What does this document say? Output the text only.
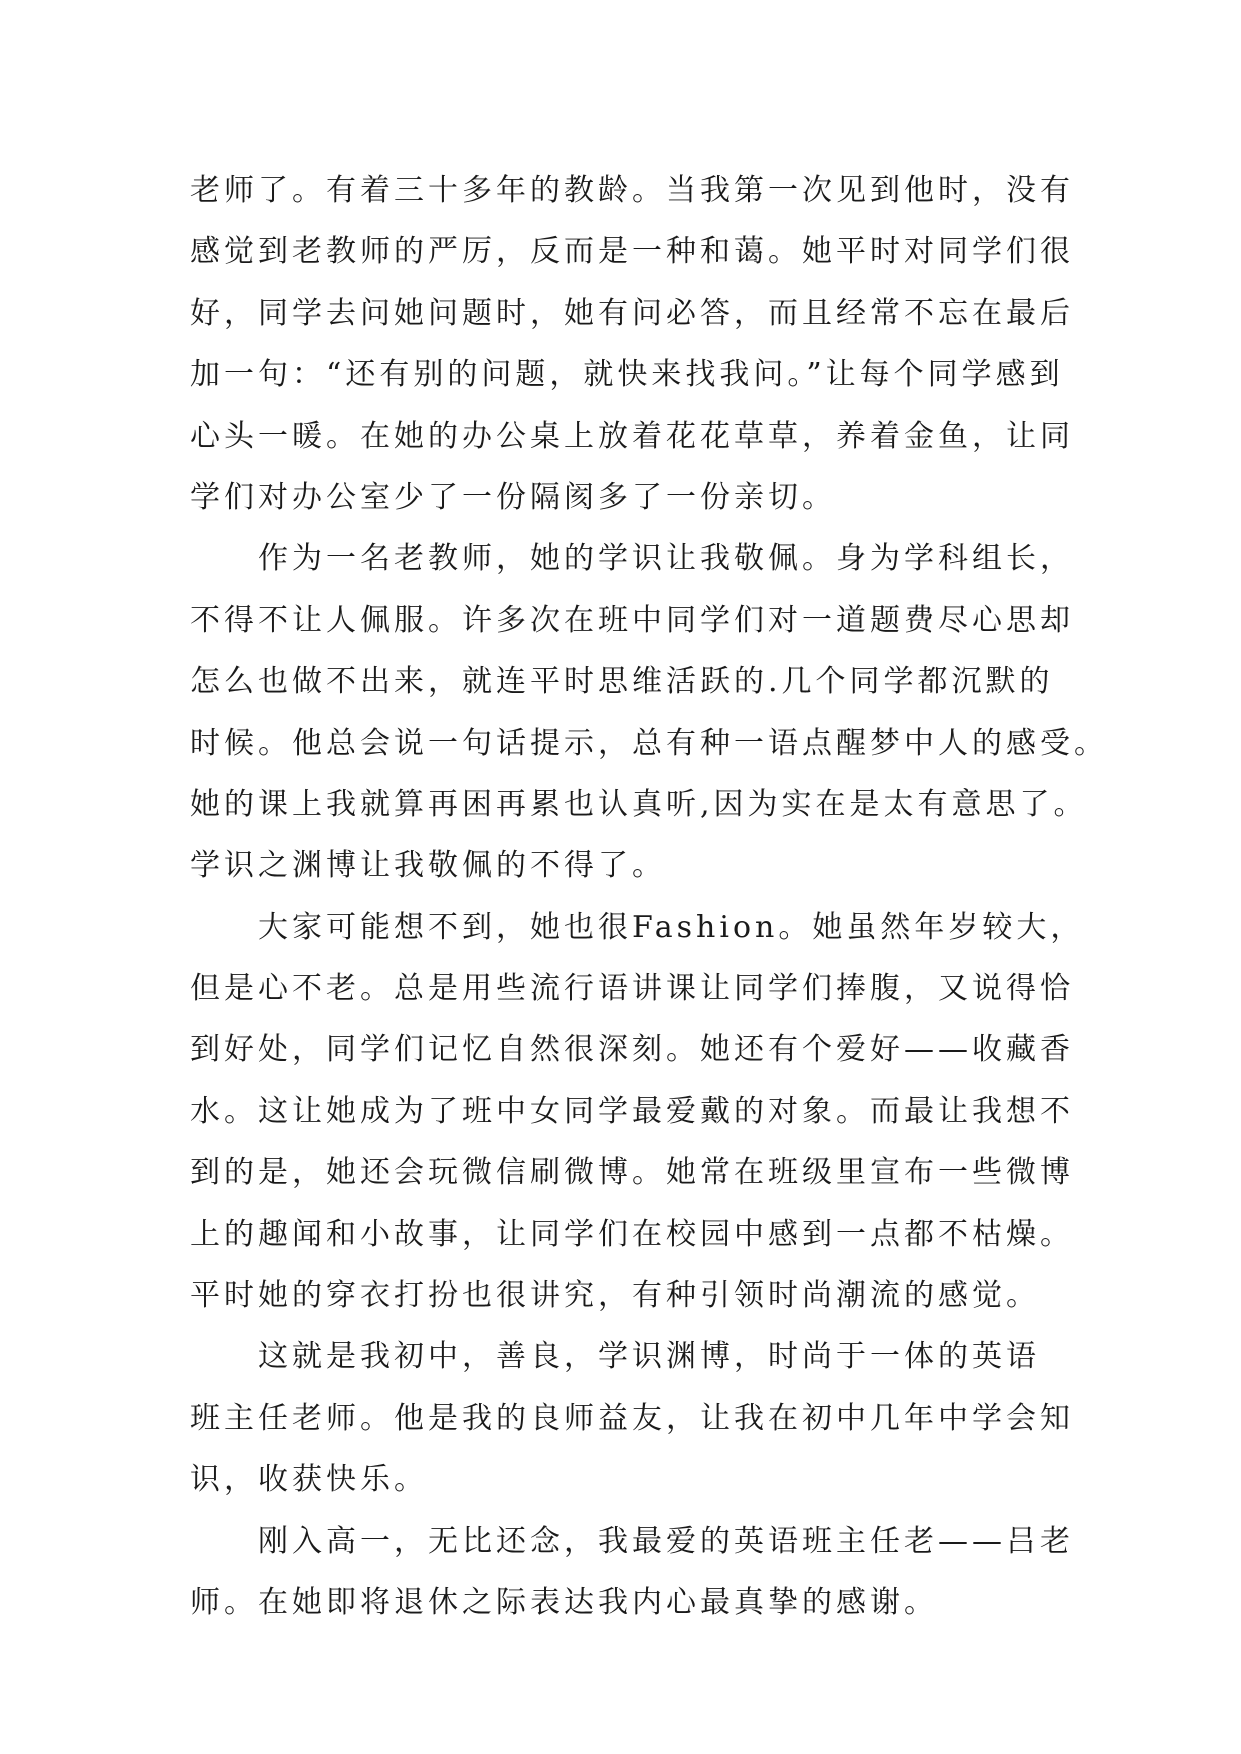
老师了。有着三十多年的教龄。当我第一次见到他时，没有
感觉到老教师的严厉，反而是一种和蔼。她平时对同学们很
好，同学去问她问题时，她有问必答，而且经常不忘在最后
加一句：“还有别的问题，就快来找我问。”让每个同学感到
心头一暖。在她的办公桌上放着花花草草，养着金鱼，让同
学们对办公室少了一份隔阂多了一份亲切。
作为一名老教师，她的学识让我敬佩。身为学科组长，
不得不让人佩服。许多次在班中同学们对一道题费尽心思却
怎么也做不出来，就连平时思维活跃的.几个同学都沉默的
时候。他总会说一句话提示，总有种一语点醒梦中人的感受。
她的课上我就算再困再累也认真听,因为实在是太有意思了。
学识之渊博让我敬佩的不得了。
大家可能想不到，她也很Fashion。她虽然年岁较大，
但是心不老。总是用些流行语讲课让同学们捧腹，又说得恰
到好处，同学们记忆自然很深刻。她还有个爱好——收藏香
水。这让她成为了班中女同学最爱戴的对象。而最让我想不
到的是，她还会玩微信刷微博。她常在班级里宣布一些微博
上的趣闻和小故事，让同学们在校园中感到一点都不枯燥。
平时她的穿衣打扮也很讲究，有种引领时尚潮流的感觉。
这就是我初中，善良，学识渊博，时尚于一体的英语
班主任老师。他是我的良师益友，让我在初中几年中学会知
识，收获快乐。
刚入高一，无比还念，我最爱的英语班主任老——吕老
师。在她即将退休之际表达我内心最真挚的感谢。
